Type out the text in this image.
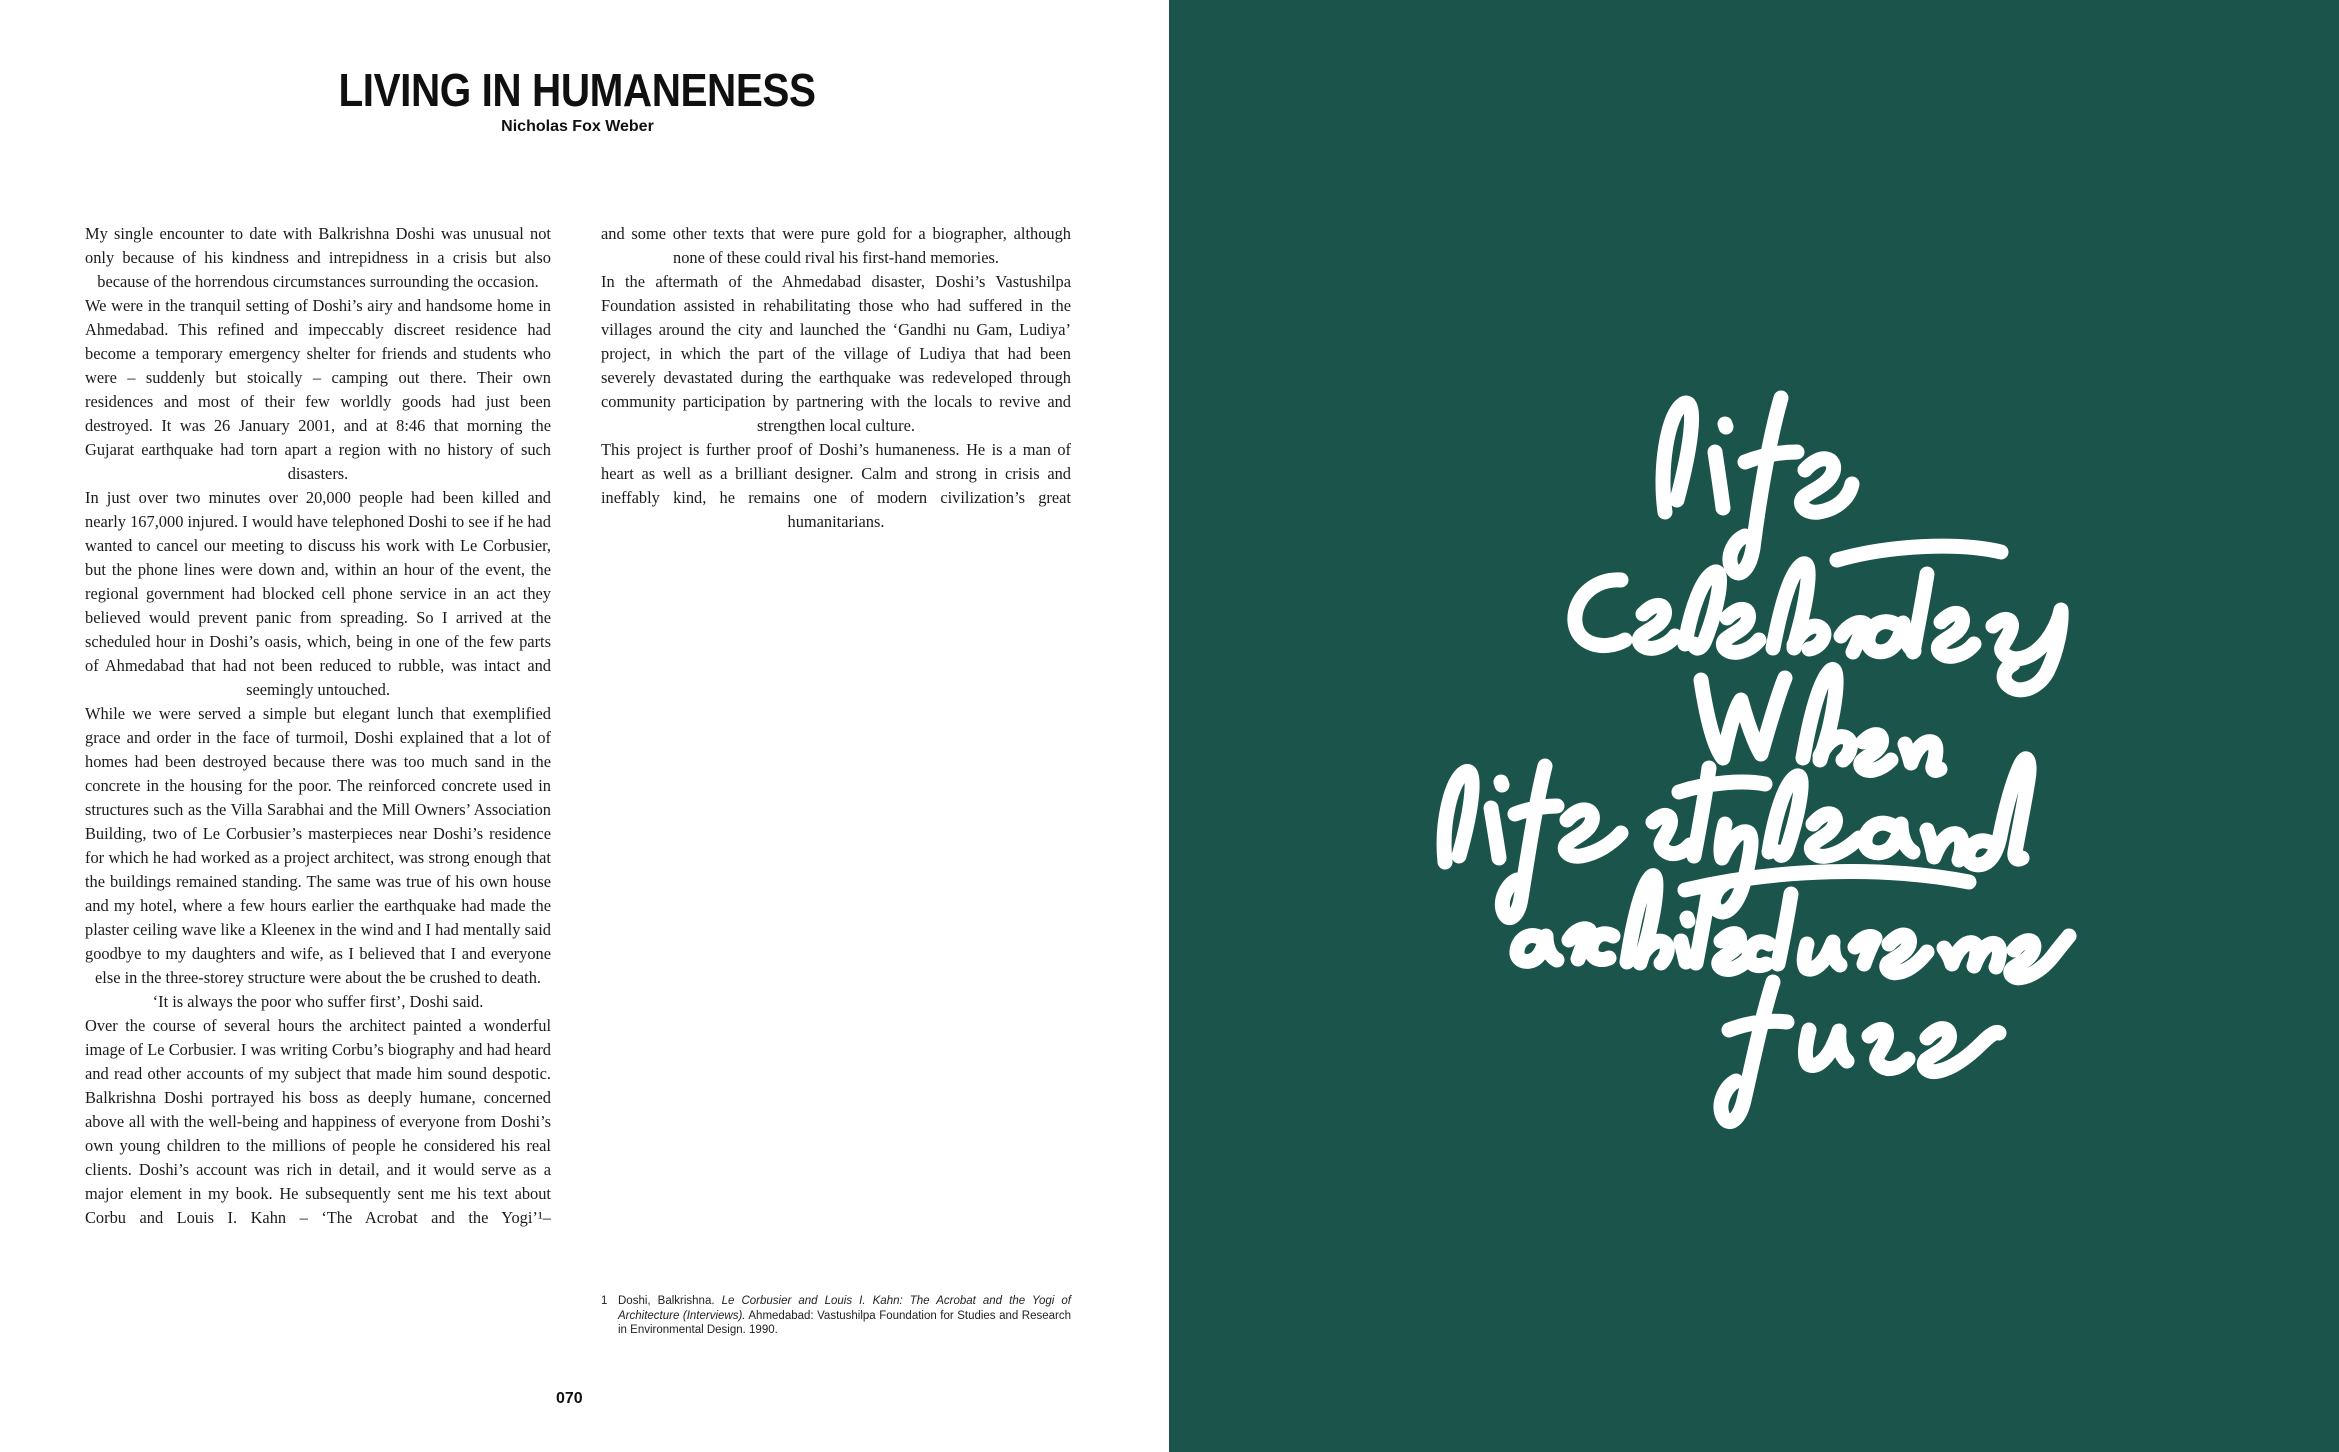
LIVING IN HUMANENESS
Nicholas Fox Weber

My single encounter to date with Balkrishna Doshi was unusual not only because of his kindness and intrepidness in a crisis but also because of the horrendous circumstances surrounding the occasion.

We were in the tranquil setting of Doshi’s airy and handsome home in Ahmedabad. This refined and impeccably discreet residence had become a temporary emergency shelter for friends and students who were – suddenly but stoically – camping out there. Their own residences and most of their few worldly goods had just been destroyed. It was 26 January 2001, and at 8:46 that morning the Gujarat earthquake had torn apart a region with no history of such disasters.

In just over two minutes over 20,000 people had been killed and nearly 167,000 injured. I would have telephoned Doshi to see if he had wanted to cancel our meeting to discuss his work with Le Corbusier, but the phone lines were down and, within an hour of the event, the regional government had blocked cell phone service in an act they believed would prevent panic from spreading. So I arrived at the scheduled hour in Doshi’s oasis, which, being in one of the few parts of Ahmedabad that had not been reduced to rubble, was intact and seemingly untouched.

While we were served a simple but elegant lunch that exemplified grace and order in the face of turmoil, Doshi explained that a lot of homes had been destroyed because there was too much sand in the concrete in the housing for the poor. The reinforced concrete used in structures such as the Villa Sarabhai and the Mill Owners’ Association Building, two of Le Corbusier’s masterpieces near Doshi’s residence for which he had worked as a project architect, was strong enough that the buildings remained standing. The same was true of his own house and my hotel, where a few hours earlier the earthquake had made the plaster ceiling wave like a Kleenex in the wind and I had mentally said goodbye to my daughters and wife, as I believed that I and everyone else in the three-storey structure were about the be crushed to death.

‘It is always the poor who suffer first’, Doshi said.

Over the course of several hours the architect painted a wonderful image of Le Corbusier. I was writing Corbu’s biography and had heard and read other accounts of my subject that made him sound despotic. Balkrishna Doshi portrayed his boss as deeply humane, concerned above all with the well-being and happiness of everyone from Doshi’s own young children to the millions of people he considered his real clients. Doshi’s account was rich in detail, and it would serve as a major element in my book. He subsequently sent me his text about Corbu and Louis I. Kahn – ‘The Acrobat and the Yogi’¹–

and some other texts that were pure gold for a biographer, although none of these could rival his first-hand memories.

In the aftermath of the Ahmedabad disaster, Doshi’s Vastushilpa Foundation assisted in rehabilitating those who had suffered in the villages around the city and launched the ‘Gandhi nu Gam, Ludiya’ project, in which the part of the village of Ludiya that had been severely devastated during the earthquake was redeveloped through community participation by partnering with the locals to revive and strengthen local culture.

This project is further proof of Doshi’s humaneness. He is a man of heart as well as a brilliant designer. Calm and strong in crisis and ineffably kind, he remains one of modern civilization’s great humanitarians.

1 Doshi, Balkrishna. Le Corbusier and Louis I. Kahn: The Acrobat and the Yogi of Architecture (Interviews). Ahmedabad: Vastushilpa Foundation for Studies and Research in Environmental Design. 1990.
070
